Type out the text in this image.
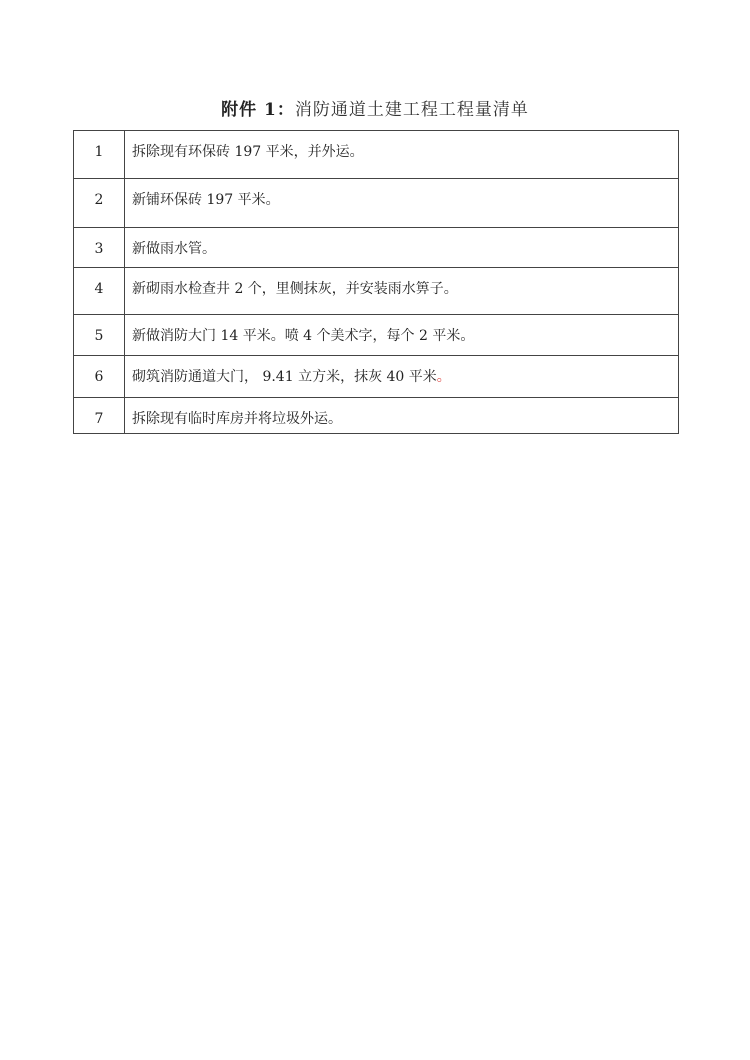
附件 1：消防通道土建工程工程量清单
1	拆除现有环保砖 197 平米，并外运。
2	新铺环保砖 197 平米。
3	新做雨水管。
4	新砌雨水检查井 2 个，里侧抹灰，并安装雨水箅子。
5	新做消防大门 14 平米。喷 4 个美术字，每个 2 平米。
6	砌筑消防通道大门， 9.41 立方米，抹灰 40 平米。
7	拆除现有临时库房并将垃圾外运。
